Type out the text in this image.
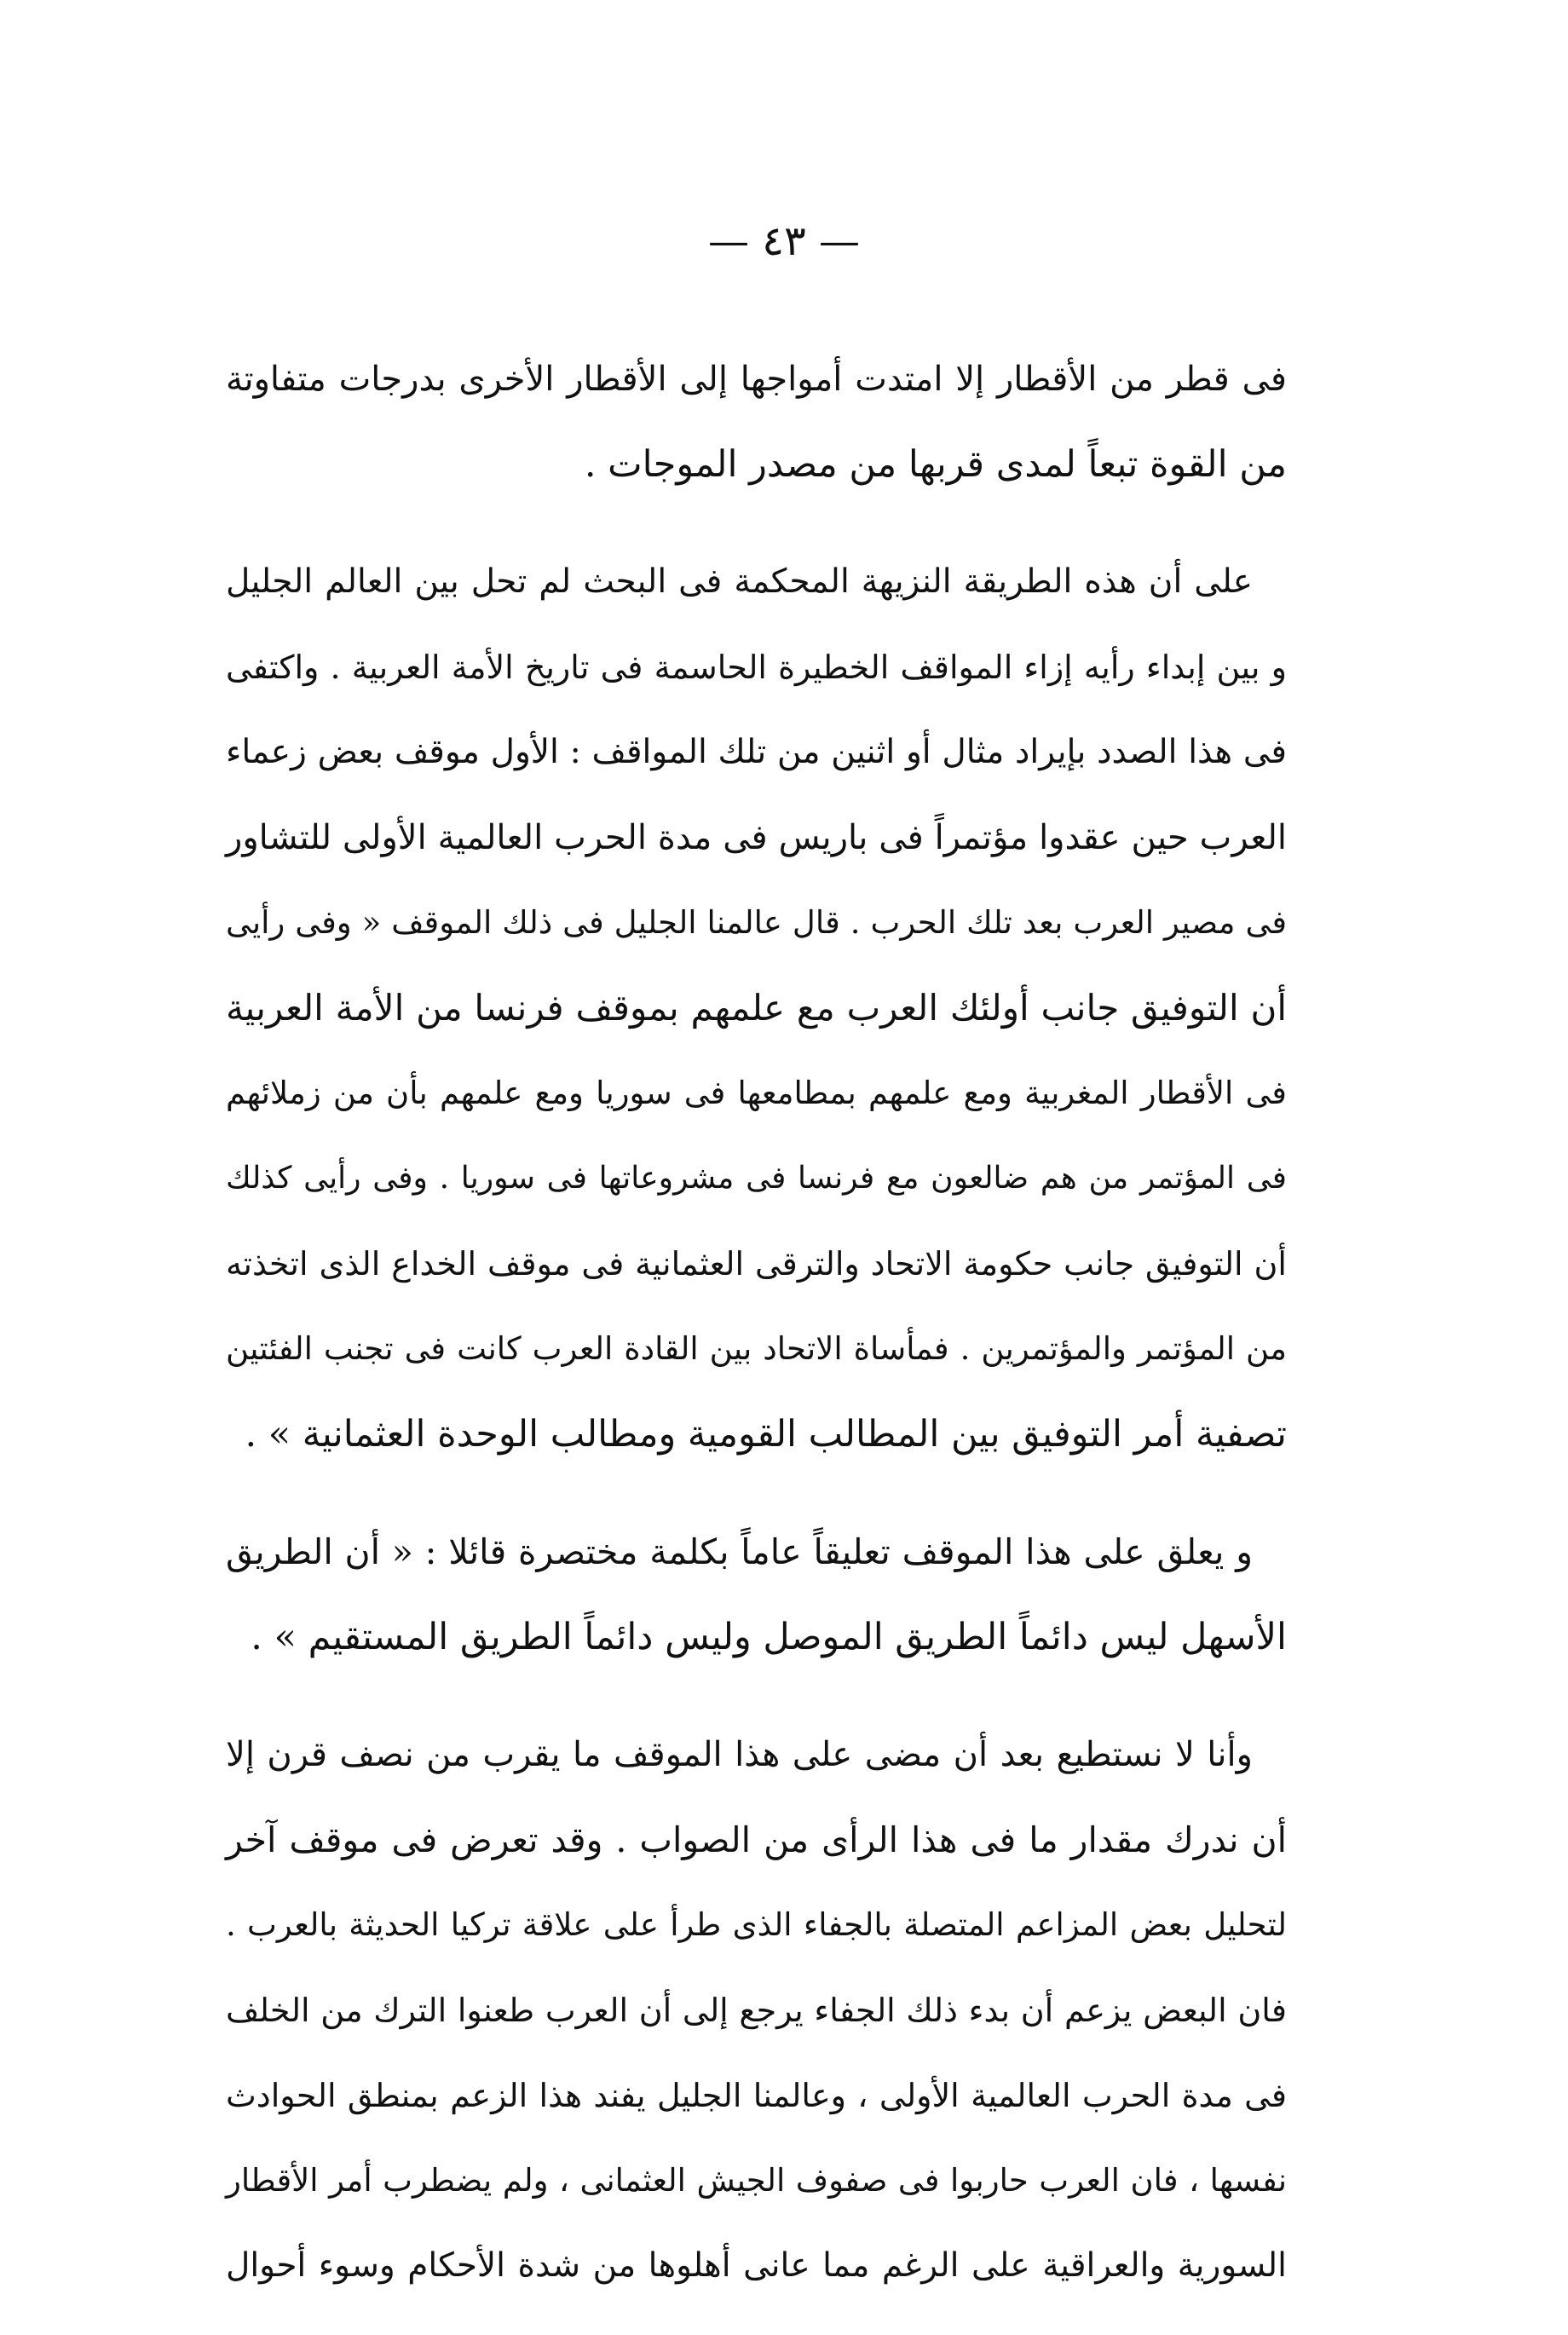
— ٤٣ —
فى قطر من الأقطار إلا امتدت أمواجها إلى الأقطار الأخرى بدرجات متفاوتة
من القوة تبعاً لمدى قربها من مصدر الموجات .
على أن هذه الطريقة النزيهة المحكمة فى البحث لم تحل بين العالم الجليل
و بين إبداء رأيه إزاء المواقف الخطيرة الحاسمة فى تاريخ الأمة العربية . واكتفى
فى هذا الصدد بإيراد مثال أو اثنين من تلك المواقف : الأول موقف بعض زعماء
العرب حين عقدوا مؤتمراً فى باريس فى مدة الحرب العالمية الأولى للتشاور
فى مصير العرب بعد تلك الحرب . قال عالمنا الجليل فى ذلك الموقف « وفى رأيى
أن التوفيق جانب أولئك العرب مع علمهم بموقف فرنسا من الأمة العربية
فى الأقطار المغربية ومع علمهم بمطامعها فى سوريا ومع علمهم بأن من زملائهم
فى المؤتمر من هم ضالعون مع فرنسا فى مشروعاتها فى سوريا . وفى رأيى كذلك
أن التوفيق جانب حكومة الاتحاد والترقى العثمانية فى موقف الخداع الذى اتخذته
من المؤتمر والمؤتمرين . فمأساة الاتحاد بين القادة العرب كانت فى تجنب الفئتين
تصفية أمر التوفيق بين المطالب القومية ومطالب الوحدة العثمانية » .
و يعلق على هذا الموقف تعليقاً عاماً بكلمة مختصرة قائلا : « أن الطريق
الأسهل ليس دائماً الطريق الموصل وليس دائماً الطريق المستقيم » .
وأنا لا نستطيع بعد أن مضى على هذا الموقف ما يقرب من نصف قرن إلا
أن ندرك مقدار ما فى هذا الرأى من الصواب . وقد تعرض فى موقف آخر
لتحليل بعض المزاعم المتصلة بالجفاء الذى طرأ على علاقة تركيا الحديثة بالعرب .
فان البعض يزعم أن بدء ذلك الجفاء يرجع إلى أن العرب طعنوا الترك من الخلف
فى مدة الحرب العالمية الأولى ، وعالمنا الجليل يفند هذا الزعم بمنطق الحوادث
نفسها ، فان العرب حاربوا فى صفوف الجيش العثمانى ، ولم يضطرب أمر الأقطار
السورية والعراقية على الرغم مما عانى أهلوها من شدة الأحكام وسوء أحوال
